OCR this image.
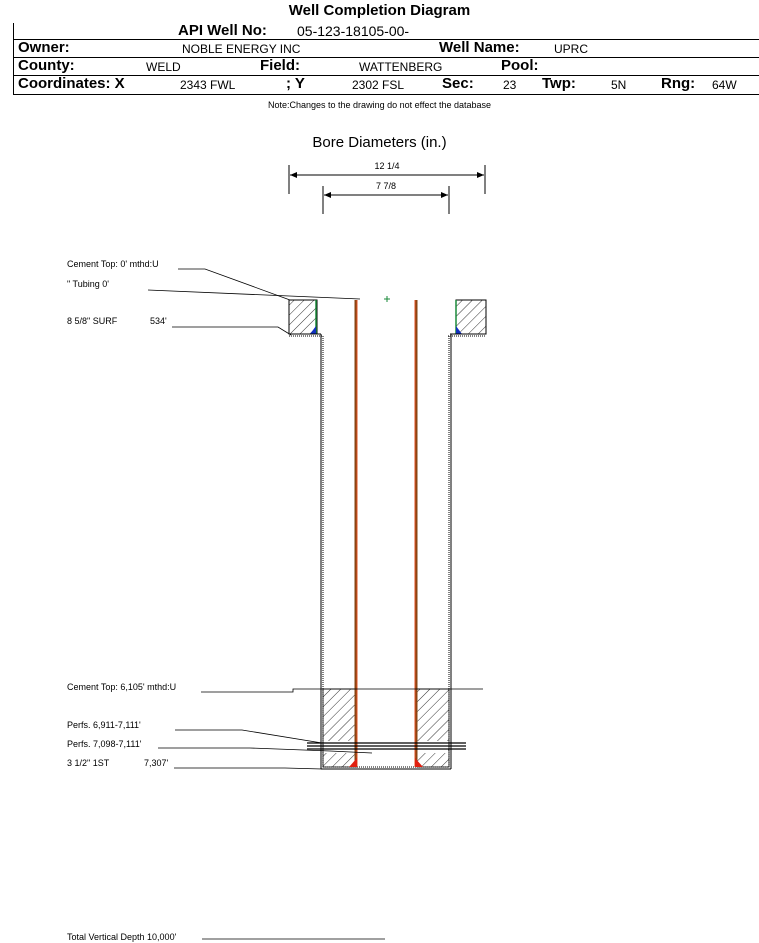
Well Completion Diagram
API Well No: 05-123-18105-00-
Owner:	NOBLE ENERGY INC	Well Name:	UPRC
County:	WELD	Field:	WATTENBERG	Pool:
Coordinates: X	2343 FWL	; Y	2302 FSL	Sec: 23 Twp:	5N Rng: 64W
Note:Changes to the drawing do not effect the database
Bore Diameters (in.)
12 1/4
7 7/8
Cement Top: 0' mthd:U
" Tubing 0'
8 5/8" SURF	534'
Cement Top: 6,105' mthd:U
Perfs. 6,911-7,111'
Perfs. 7,098-7,111'
3 1/2" 1ST	7,307'
Total Vertical Depth 10,000'
